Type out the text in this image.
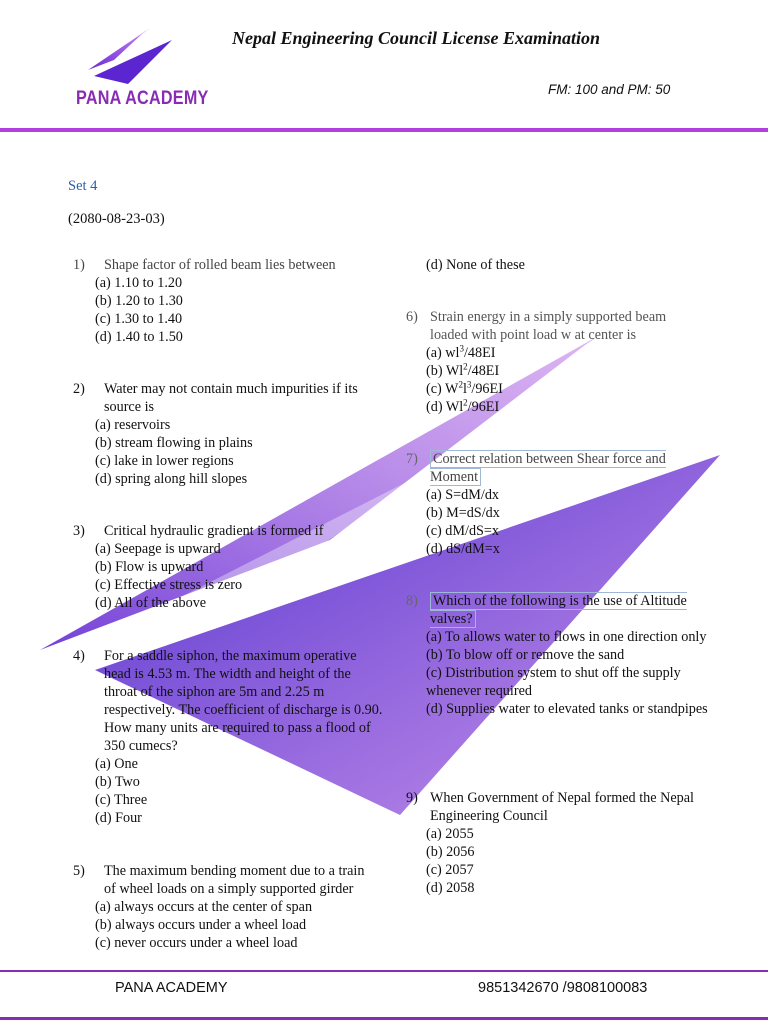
PANA ACADEMY
Nepal Engineering Council License Examination
FM: 100 and PM: 50
Set 4
(2080-08-23-03)
1) Shape factor of rolled beam lies between
(a) 1.10 to 1.20
(b) 1.20 to 1.30
(c) 1.30 to 1.40
(d) 1.40 to 1.50
2) Water may not contain much impurities if its source is
(a) reservoirs
(b) stream flowing in plains
(c) lake in lower regions
(d) spring along hill slopes
3) Critical hydraulic gradient is formed if
(a) Seepage is upward
(b) Flow is upward
(c) Effective stress is zero
(d) All of the above
4) For a saddle siphon, the maximum operative head is 4.53 m. The width and height of the throat of the siphon are 5m and 2.25 m respectively. The coefficient of discharge is 0.90. How many units are required to pass a flood of 350 cumecs?
(a) One
(b) Two
(c) Three
(d) Four
5) The maximum bending moment due to a train of wheel loads on a simply supported girder
(a) always occurs at the center of span
(b) always occurs under a wheel load
(c) never occurs under a wheel load
(d) None of these
6) Strain energy in a simply supported beam loaded with point load w at center is
(a) $wl^3/48EI$
(b) Wl$^2$/48EI
(c) $W^2l^3/96EI$
(d) Wl$^2$/96EI
7) Correct relation between Shear force and Moment
(a) S=dM/dx
(b) M=dS/dx
(c) dM/dS=x
(d) dS/dM=x
8) Which of the following is the use of Altitude valves?
(a) To allows water to flows in one direction only
(b) To blow off or remove the sand
(c) Distribution system to shut off the supply whenever required
(d) Supplies water to elevated tanks or standpipes
9) When Government of Nepal formed the Nepal Engineering Council
(a) 2055
(b) 2056
(c) 2057
(d) 2058
PANA ACADEMY	9851342670 /9808100083
